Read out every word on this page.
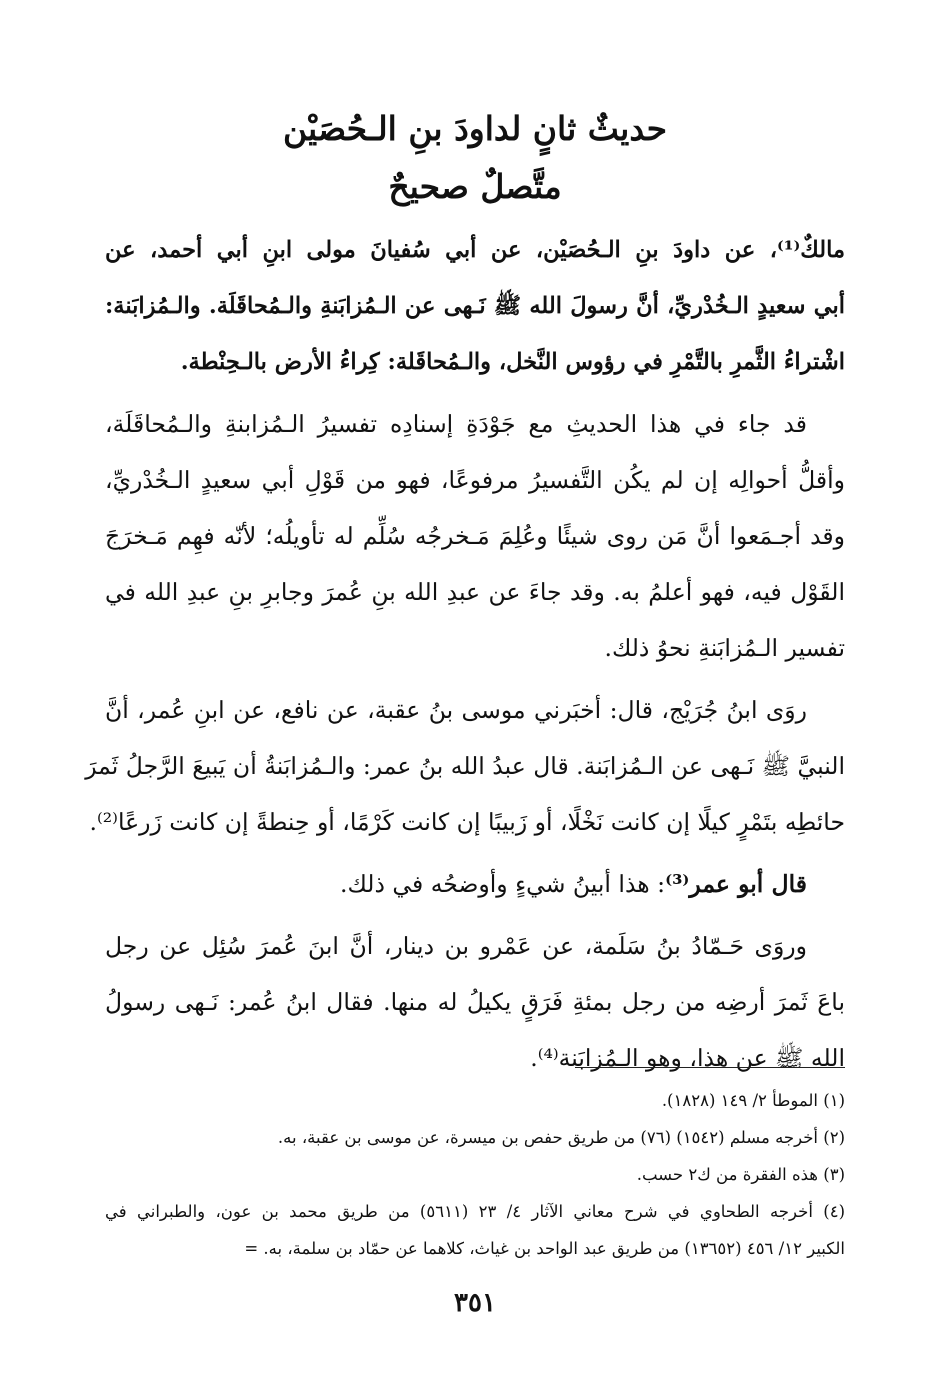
حديثٌ ثانٍ لداودَ بنِ الـحُصَيْن
متَّصلٌ صحيحٌ
مالكٌ⁽¹⁾، عن داودَ بنِ الـحُصَيْن، عن أبي سُفيانَ مولى ابنِ أبي أحمد، عن
أبي سعيدٍ الـخُدْريِّ، أنَّ رسولَ الله ﷺ نَـهى عن الـمُزابَنةِ والـمُحاقَلَة. والـمُزابَنة:
اشْتراءُ الثَّمرِ بالتَّمْرِ في رؤوس النَّخل، والـمُحاقَلة: كِراءُ الأرض بالـحِنْطة.
قد جاء في هذا الحديثِ مع جَوْدَةِ إسنادِه تفسيرُ الـمُزابنةِ والـمُحاقَلَة،
وأقلُّ أحوالِه إن لم يكُن التَّفسيرُ مرفوعًا، فهو من قَوْلِ أبي سعيدٍ الـخُدْريِّ،
وقد أجـمَعوا أنَّ مَن روى شيئًا وعُلِمَ مَـخرجُه سُلِّم له تأويلُه؛ لأنّه فهِم مَـخرَجَ
القَوْل فيه، فهو أعلمُ به. وقد جاءَ عن عبدِ الله بنِ عُمرَ وجابرِ بنِ عبدِ الله في
تفسير الـمُزابَنةِ نحوُ ذلك.
روَى ابنُ جُرَيْج، قال: أخبَرني موسى بنُ عقبة، عن نافع، عن ابنِ عُمر، أنَّ
النبيَّ ﷺ نَـهى عن الـمُزابَنة. قال عبدُ الله بنُ عمر: والـمُزابَنةُ أن يَبيعَ الرَّجلُ ثَمرَ
حائطِه بتَمْرٍ كيلًا إن كانت نَخْلًا، أو زَبيبًا إن كانت كَرْمًا، أو حِنطةً إن كانت زَرعًا⁽²⁾.
قال أبو عمر⁽³⁾: هذا أبينُ شيءٍ وأوضحُه في ذلك.
وروَى حَـمّادُ بنُ سَلَمة، عن عَمْرو بن دينار، أنَّ ابنَ عُمرَ سُئِل عن رجل
باعَ ثَمرَ أرضِه من رجل بمئةِ فَرَقٍ يكيلُ له منها. فقال ابنُ عُمر: نَـهى رسولُ
الله ﷺ عن هذا، وهو الـمُزابَنة⁽⁴⁾.
(١) الموطأ ٢/ ١٤٩ (١٨٢٨).
(٢) أخرجه مسلم (١٥٤٢) (٧٦) من طريق حفص بن ميسرة، عن موسى بن عقبة، به.
(٣) هذه الفقرة من ك٢ حسب.
(٤) أخرجه الطحاوي في شرح معاني الآثار ٤/ ٢٣ (٥٦١١) من طريق محمد بن عون، والطبراني في
الكبير ١٢/ ٤٥٦ (١٣٦٥٢) من طريق عبد الواحد بن غياث، كلاهما عن حمّاد بن سلمة، به. =
٣٥١
